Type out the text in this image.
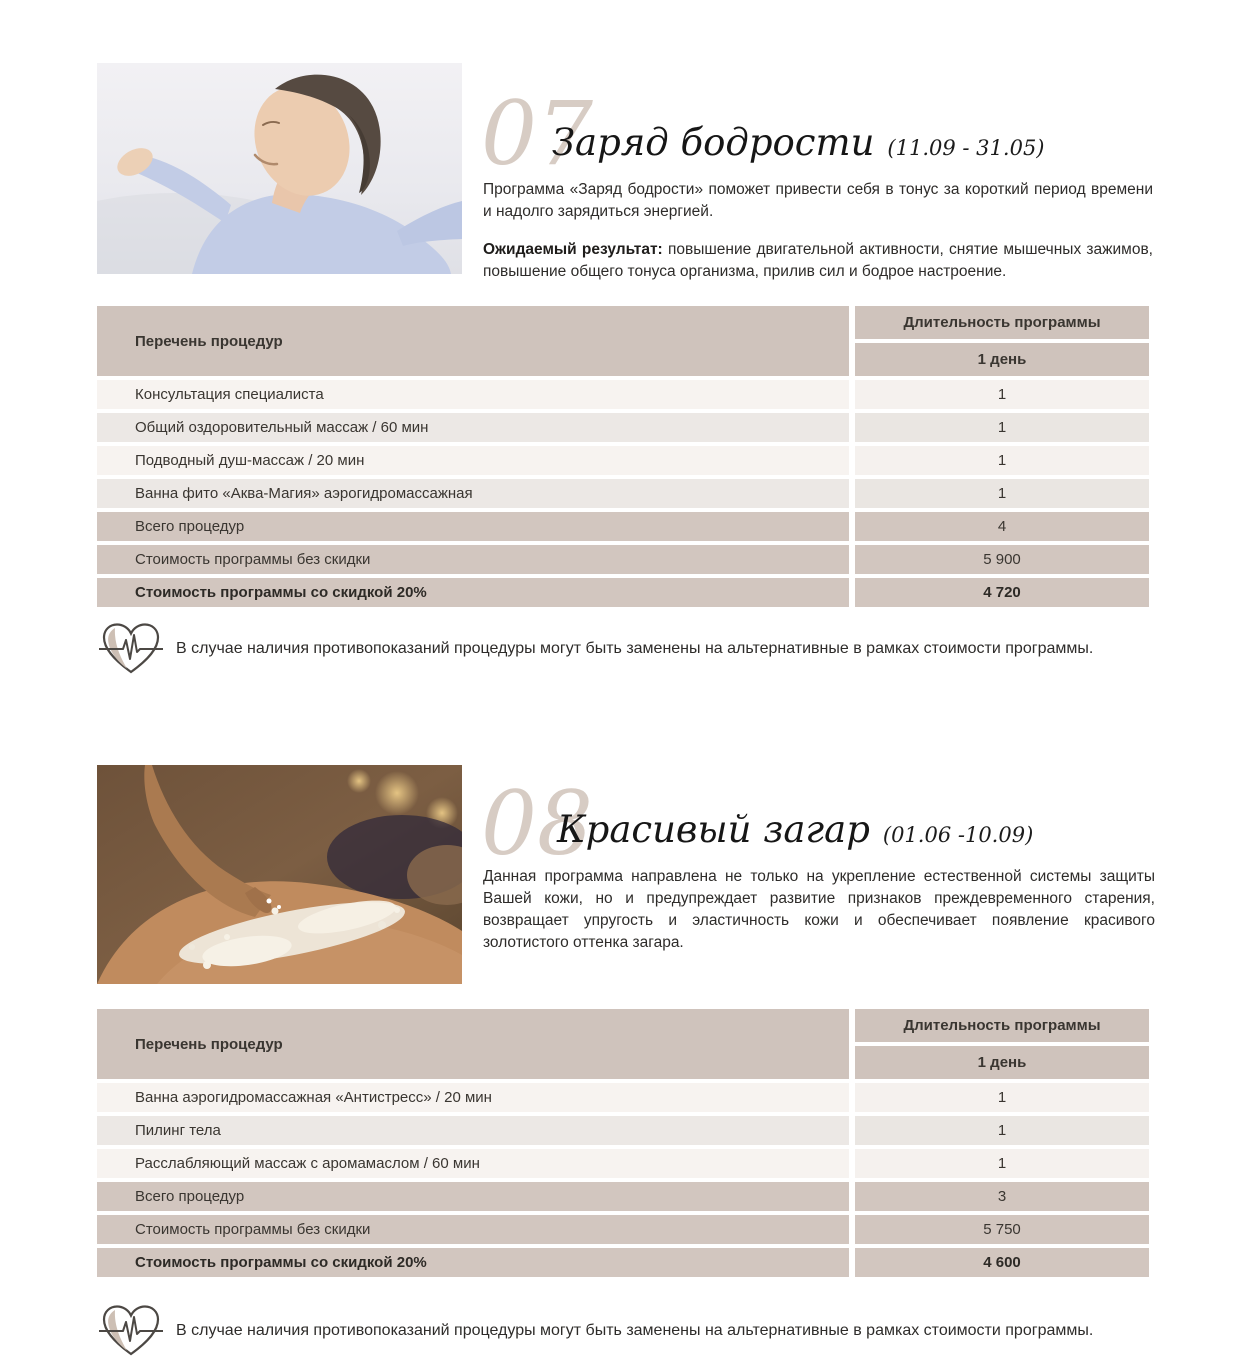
07
Заряд бодрости (11.09 - 31.05)
Программа «Заряд бодрости» поможет привести себя в тонус за короткий период времени и надолго зарядиться энергией.
Ожидаемый результат: повышение двигательной активности, снятие мышечных зажимов, повышение общего тонуса организма, прилив сил и бодрое настроение.
Перечень процедур
Длительность программы
1 день
Консультация специалиста	1
Общий оздоровительный массаж / 60 мин	1
Подводный душ-массаж / 20 мин	1
Ванна фито «Аква-Магия» аэрогидромассажная	1
Всего процедур	4
Стоимость программы без скидки	5 900
Стоимость программы со скидкой 20%	4 720
В случае наличия противопоказаний процедуры могут быть заменены на альтернативные в рамках стоимости программы.
08
Красивый загар (01.06 -10.09)
Данная программа направлена не только на укрепление естественной системы защиты Вашей кожи, но и предупреждает развитие признаков преждевременного старения, возвращает упругость и эластичность кожи и обеспечивает появление красивого золотистого оттенка загара.
Перечень процедур
Длительность программы
1 день
Ванна аэрогидромассажная «Антистресс» / 20 мин	1
Пилинг тела	1
Расслабляющий массаж с аромамаслом / 60 мин	1
Всего процедур	3
Стоимость программы без скидки	5 750
Стоимость программы со скидкой 20%	4 600
В случае наличия противопоказаний процедуры могут быть заменены на альтернативные в рамках стоимости программы.
